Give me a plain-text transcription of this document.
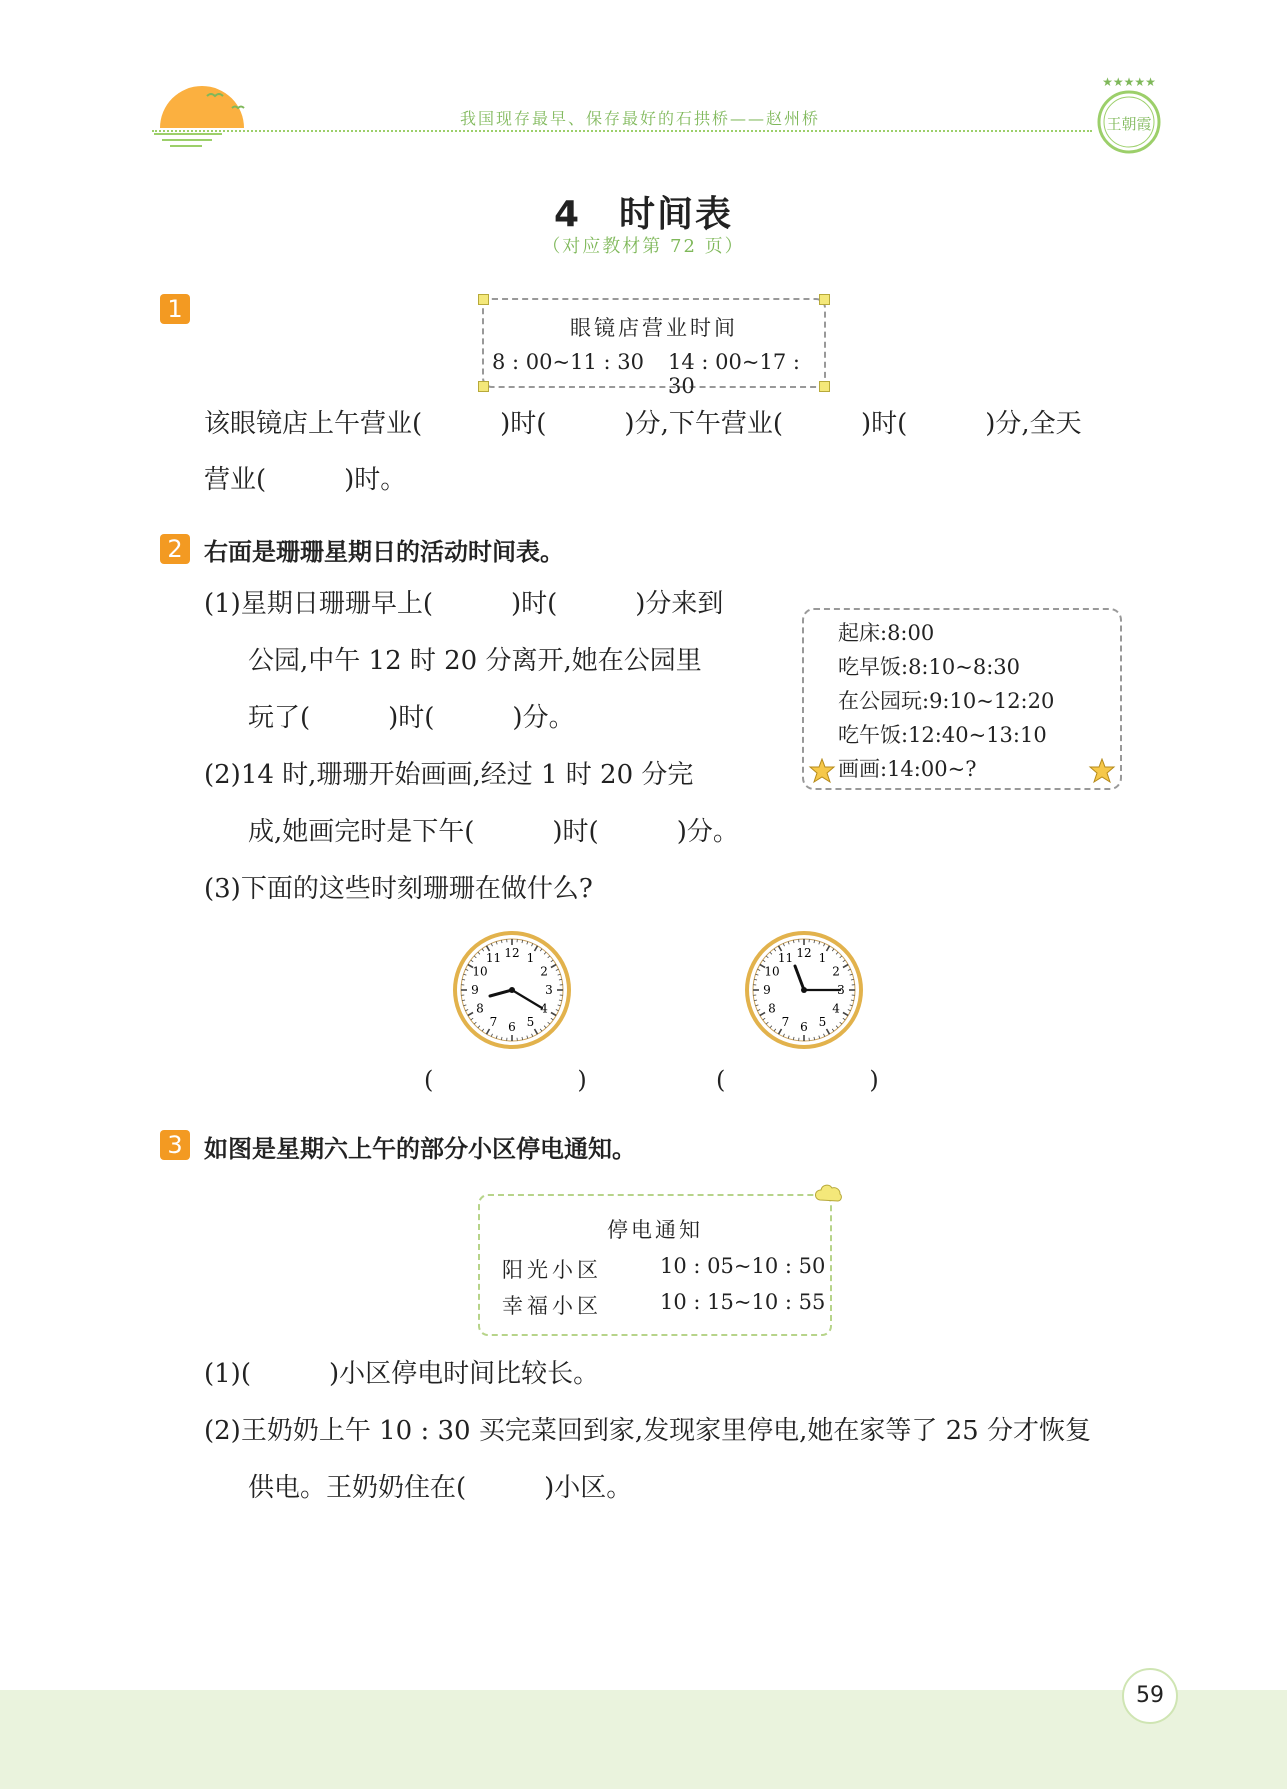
我国现存最早、保存最好的石拱桥——赵州桥
★★★★★
王朝霞
4　时间表
（对应教材第 72 页）
1
眼镜店营业时间
8 : 00~11 : 30 14 : 00~17 : 30
该眼镜店上午营业(　　　)时(　　　)分,下午营业(　　　)时(　　　)分,全天
营业(　　　)时。
2 右面是珊珊星期日的活动时间表。
(1)星期日珊珊早上(　　　)时(　　　)分来到
公园,中午 12 时 20 分离开,她在公园里
玩了(　　　)时(　　　)分。
(2)14 时,珊珊开始画画,经过 1 时 20 分完
成,她画完时是下午(　　　)时(　　　)分。
(3)下面的这些时刻珊珊在做什么?
起床:8:00
吃早饭:8:10~8:30
在公园玩:9:10~12:20
吃午饭:12:40~13:10
画画:14:00~?
12 1
2
3
4
5
6
7
8
9
10
11	12 1
2
3
4
5
6
7
8
9
10
11
(　　　　　　)	(　　　　　　)
3 如图是星期六上午的部分小区停电通知。
停电通知
阳光小区	10 : 05~10 : 50
幸福小区	10 : 15~10 : 55
(1)(　　　)小区停电时间比较长。
(2)王奶奶上午 10 : 30 买完菜回到家,发现家里停电,她在家等了 25 分才恢复
供电。王奶奶住在(　　　)小区。
59
